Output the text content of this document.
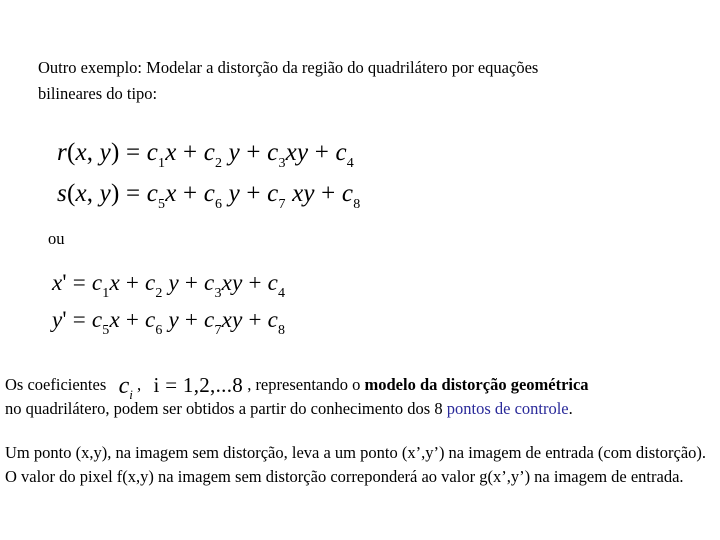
Outro exemplo: Modelar a distorção da região do quadrilátero por equações
bilineares do tipo:
r(x, $y) = c_1x + c_2$ $y + c_3xy + c_4$
s(x, $y) = c_5x + c_6$ $y + c_7$ xy + $c_8$
ou
$x' = c_1x + c_2$ $y + c_3xy + c_4$
$y' = c_5x + c_6$ $y + c_7xy + c_8$
Os coeficientes $c_i$ , i = 1,2,...8 , representando o modelo da distorção geométrica
no quadrilátero, podem ser obtidos a partir do conhecimento dos 8 pontos de controle.
Um ponto (x,y), na imagem sem distorção, leva a um ponto (x’,y’) na imagem de entrada (com distorção). O valor do pixel f(x,y) na imagem sem distorção correponderá ao valor g(x’,y’) na imagem de entrada.
